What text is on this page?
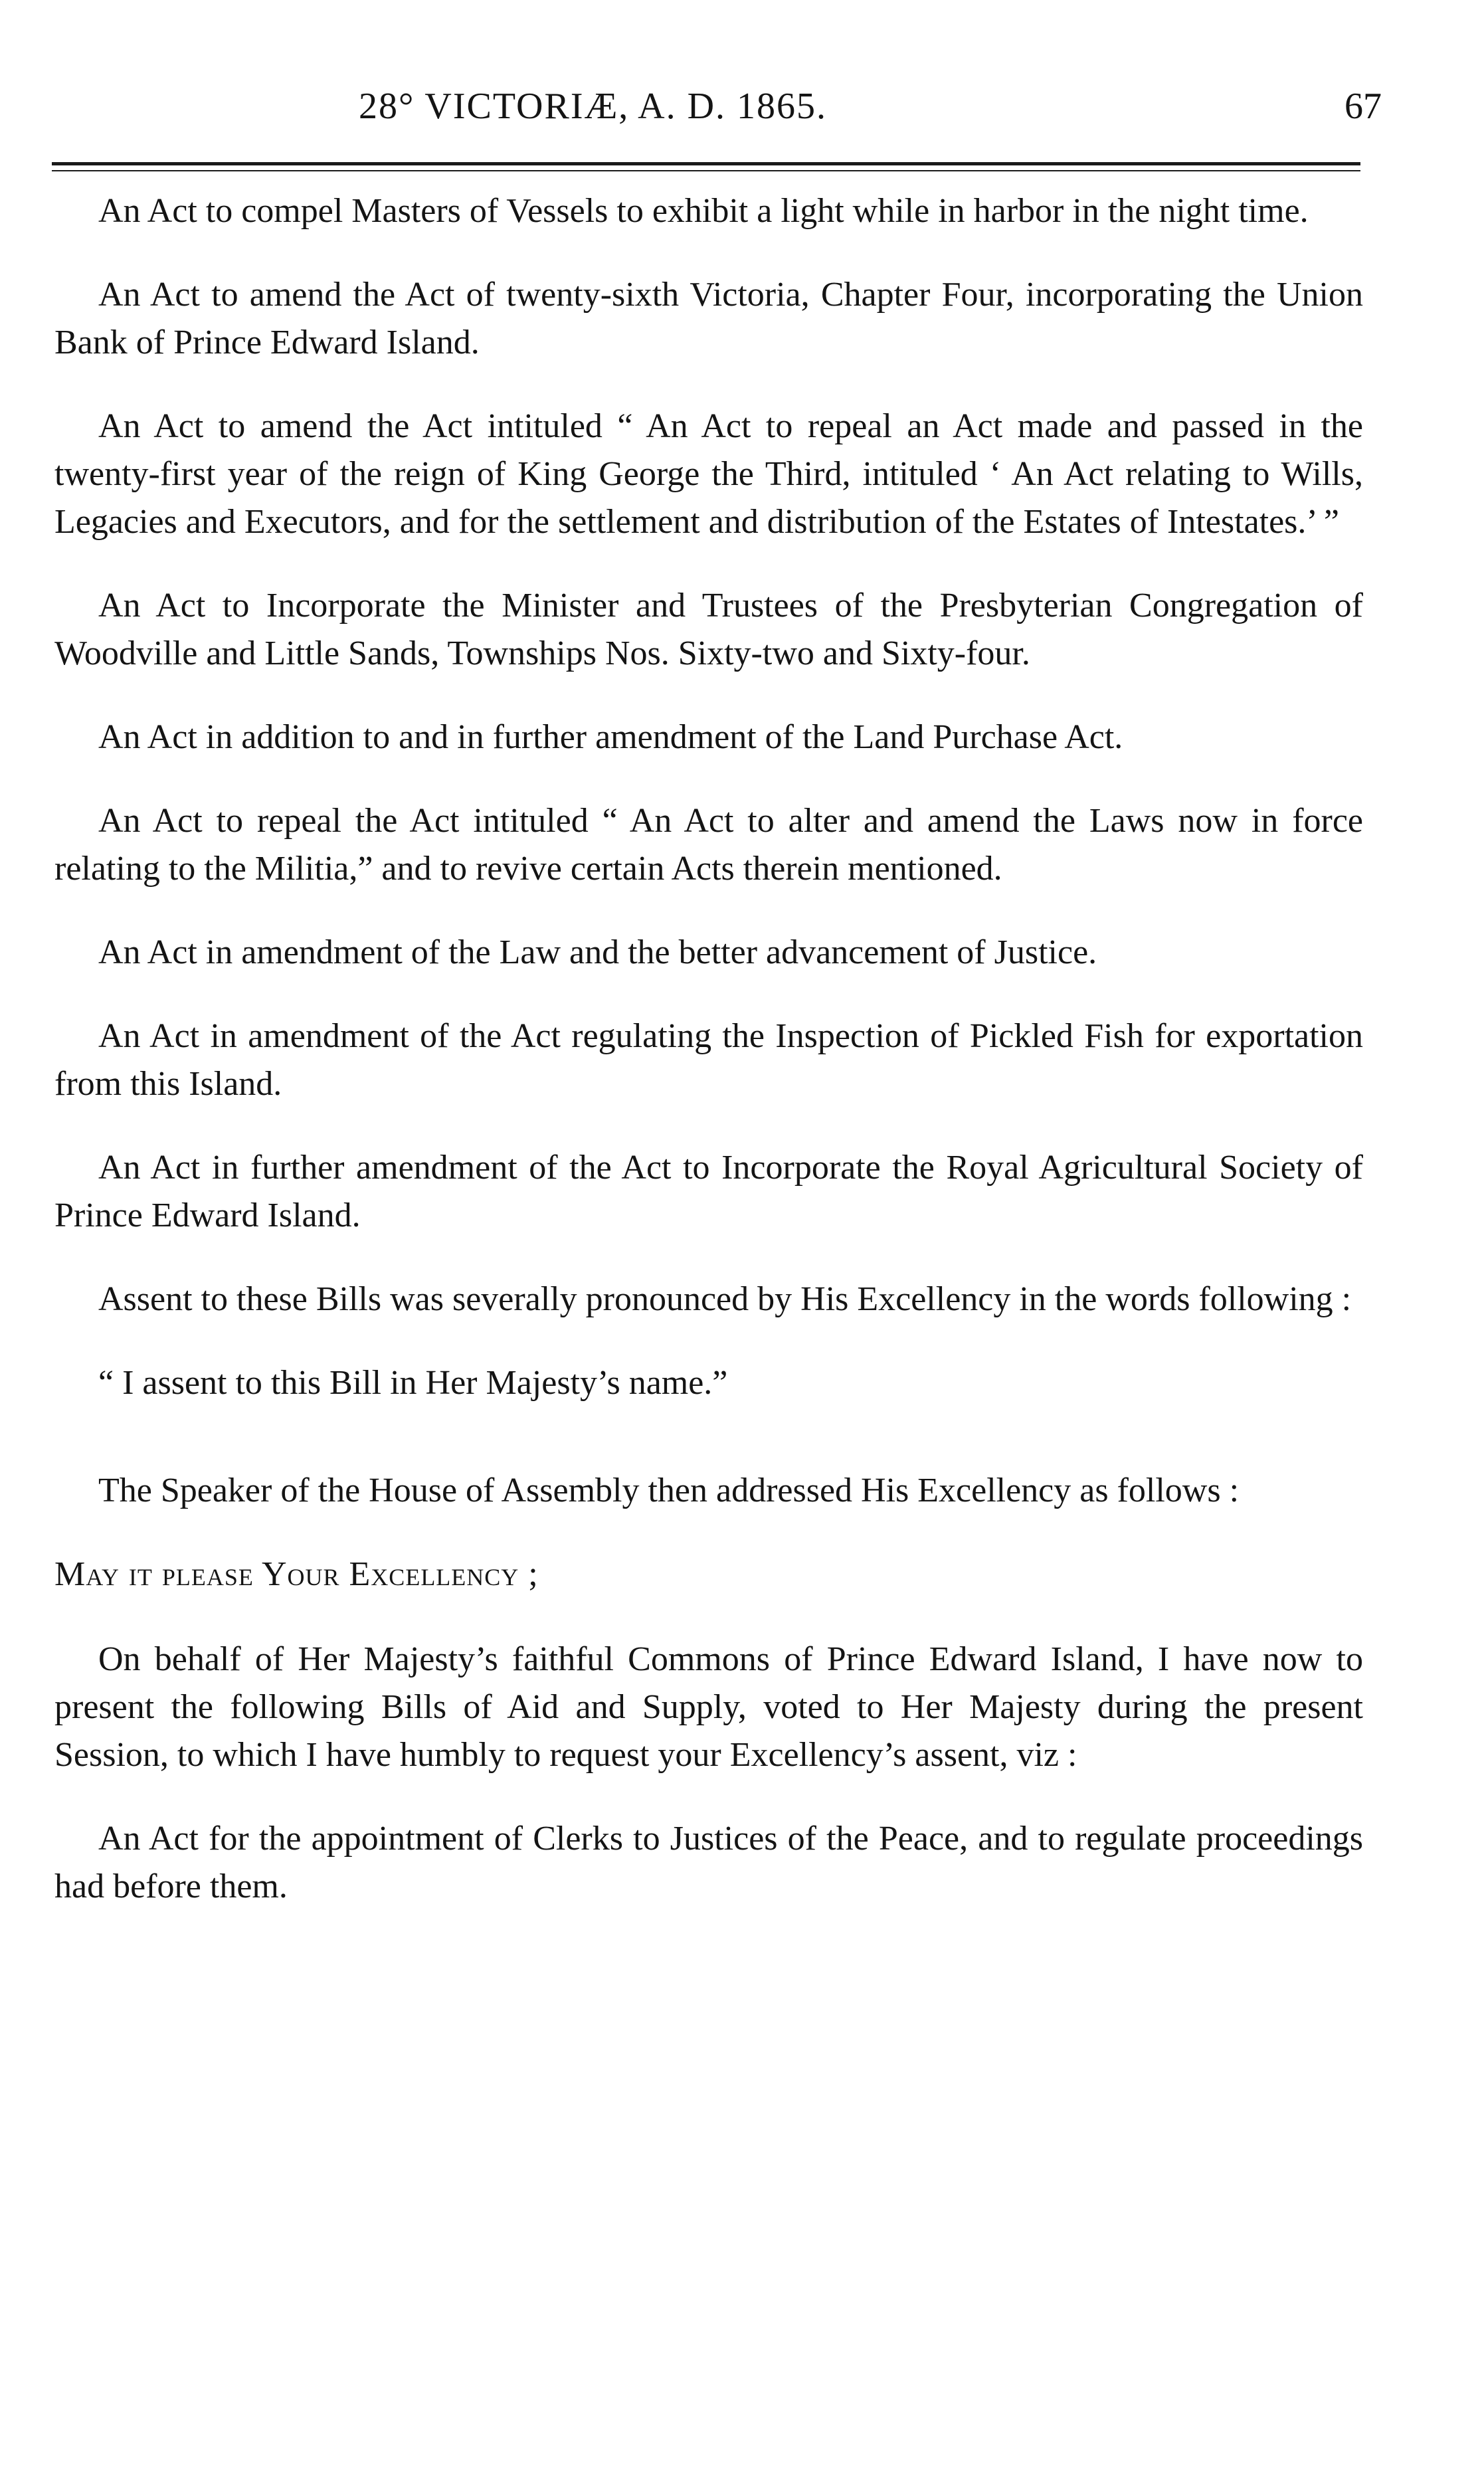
28° VICTORIÆ, A. D. 1865.	67

An Act to compel Masters of Vessels to exhibit a light while in harbor in the night time.

An Act to amend the Act of twenty-sixth Victoria, Chapter Four, incorporating the Union Bank of Prince Edward Island.

An Act to amend the Act intituled “ An Act to repeal an Act made and passed in the twenty-first year of the reign of King George the Third, intituled ‘ An Act relating to Wills, Legacies and Executors, and for the settlement and distribution of the Estates of Intestates.’ ”

An Act to Incorporate the Minister and Trustees of the Presbyterian Congregation of Woodville and Little Sands, Townships Nos. Sixty-two and Sixty-four.

An Act in addition to and in further amendment of the Land Purchase Act.

An Act to repeal the Act intituled “ An Act to alter and amend the Laws now in force relating to the Militia,” and to revive certain Acts therein mentioned.

An Act in amendment of the Law and the better advancement of Justice.

An Act in amendment of the Act regulating the Inspection of Pickled Fish for exportation from this Island.

An Act in further amendment of the Act to Incorporate the Royal Agricultural Society of Prince Edward Island.

Assent to these Bills was severally pronounced by His Excellency in the words following :

“ I assent to this Bill in Her Majesty’s name.”

The Speaker of the House of Assembly then addressed His Excellency as follows :

May it please Your Excellency ;

On behalf of Her Majesty’s faithful Commons of Prince Edward Island, I have now to present the following Bills of Aid and Supply, voted to Her Majesty during the present Session, to which I have humbly to request your Excellency’s assent, viz :

An Act for the appointment of Clerks to Justices of the Peace, and to regulate proceedings had before them.
